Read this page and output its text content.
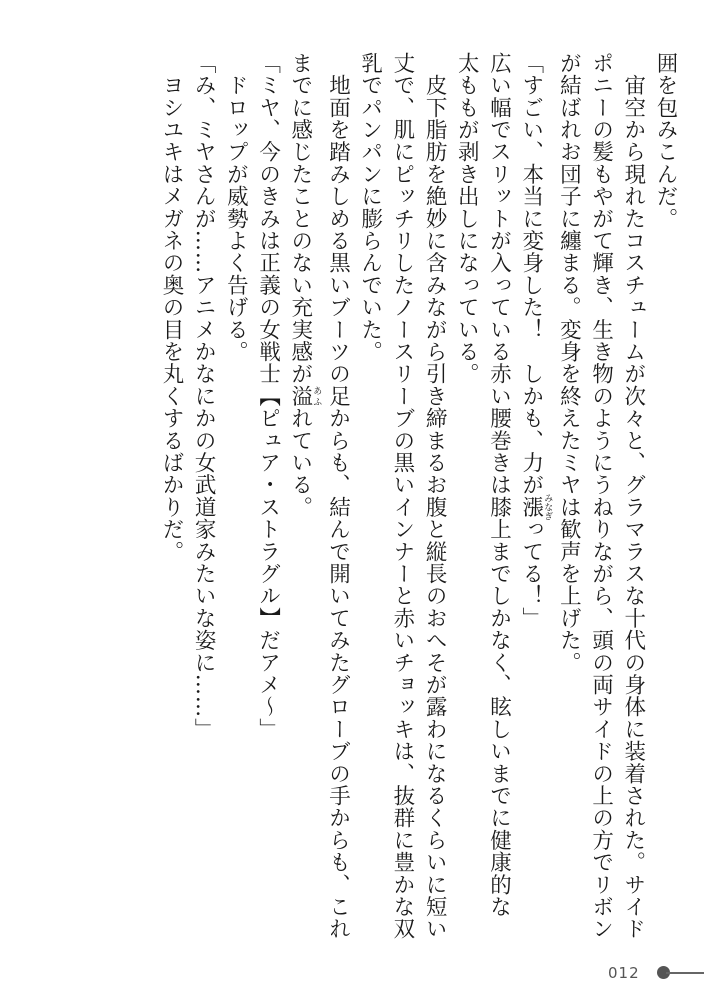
囲を包みこんだ。
　宙空から現れたコスチュームが次々と、グラマラスな十代の身体に装着された。サイド
ポニーの髪もやがて輝き、生き物のようにうねりながら、頭の両サイドの上の方でリボン
が結ばれお団子に纏まる。変身を終えたミヤは歓声を上げた。
「すごい、本当に変身した！　しかも、力が漲みなぎってる！」
広い幅でスリットが入っている赤い腰巻きは膝上までしかなく、眩しいまでに健康的な
太ももが剥き出しになっている。
　皮下脂肪を絶妙に含みながら引き締まるお腹と縦長のおへそが露わになるくらいに短い
丈で、肌にピッチリしたノースリーブの黒いインナーと赤いチョッキは、抜群に豊かな双
乳でパンパンに膨らんでいた。
　地面を踏みしめる黒いブーツの足からも、結んで開いてみたグローブの手からも、これ
までに感じたことのない充実感が溢あふれている。
「ミヤ、今のきみは正義の女戦士【ピュア・ストラグル】だアメ～」
　ドロップが威勢よく告げる。
「み、ミヤさんが……アニメかなにかの女武道家みたいな姿に……」
　ヨシユキはメガネの奥の目を丸くするばかりだ。
012
